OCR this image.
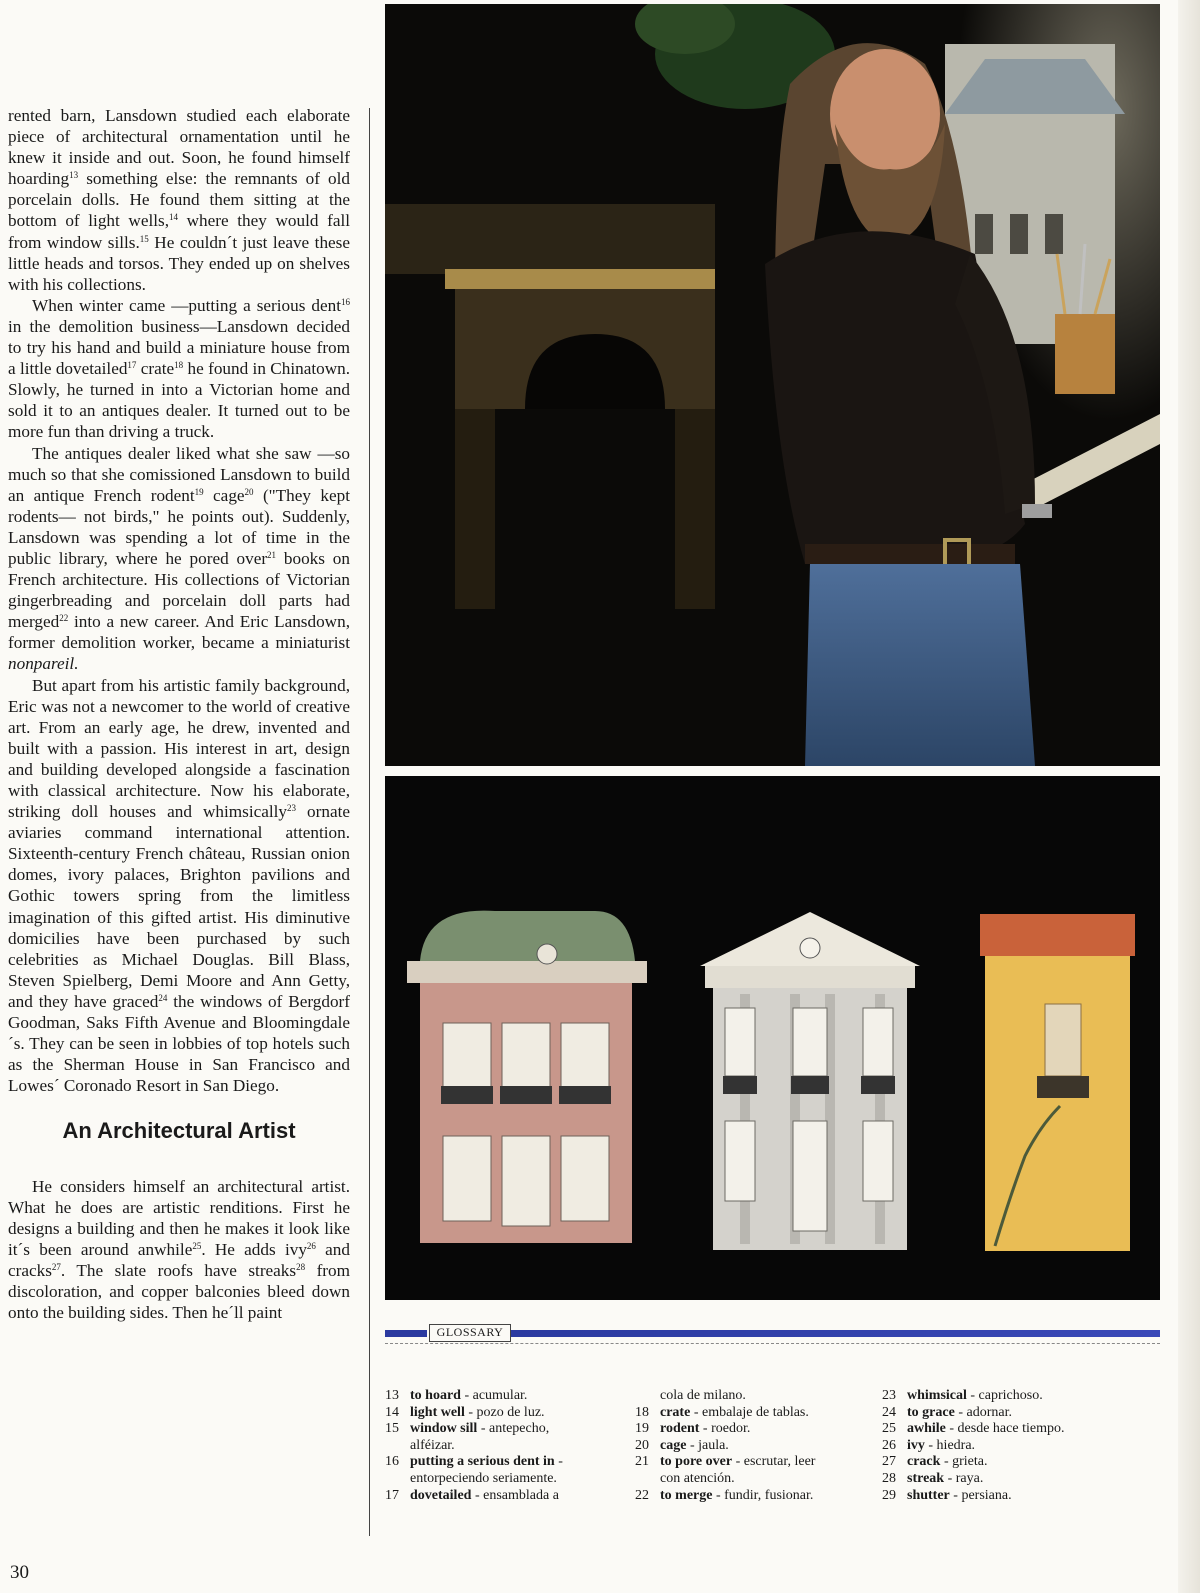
rented barn, Lansdown studied each elaborate piece of architectural ornamentation until he knew it inside and out. Soon, he found himself hoarding$^{13}$ something else: the remnants of old porcelain dolls. He found them sitting at the bottom of light wells,$^{14}$ where they would fall from window sills.$^{15}$ He couldn´t just leave these little heads and torsos. They ended up on shelves with his collections.

When winter came —putting a serious dent$^{16}$ in the demolition business—Lansdown decided to try his hand and build a miniature house from a little dovetailed$^{17}$ crate$^{18}$ he found in Chinatown. Slowly, he turned in into a Victorian home and sold it to an antiques dealer. It turned out to be more fun than driving a truck.

The antiques dealer liked what she saw —so much so that she comissioned Lansdown to build an antique French rodent$^{19}$ cage$^{20}$ ("They kept rodents— not birds," he points out). Suddenly, Lansdown was spending a lot of time in the public library, where he pored over$^{21}$ books on French architecture. His collections of Victorian gingerbreading and porcelain doll parts had merged$^{22}$ into a new career. And Eric Lansdown, former demolition worker, became a miniaturist nonpareil.

But apart from his artistic family background, Eric was not a newcomer to the world of creative art. From an early age, he drew, invented and built with a passion. His interest in art, design and building developed alongside a fascination with classical architecture. Now his elaborate, striking doll houses and whimsically$^{23}$ ornate aviaries command international attention. Sixteenth-century French château, Russian onion domes, ivory palaces, Brighton pavilions and Gothic towers spring from the limitless imagination of this gifted artist. His diminutive domicilies have been purchased by such celebrities as Michael Douglas. Bill Blass, Steven Spielberg, Demi Moore and Ann Getty, and they have graced$^{24}$ the windows of Bergdorf Goodman, Saks Fifth Avenue and Bloomingdale´s. They can be seen in lobbies of top hotels such as the Sherman House in San Francisco and Lowes´ Coronado Resort in San Diego.

An Architectural Artist

He considers himself an architectural artist. What he does are artistic renditions. First he designs a building and then he makes it look like it´s been around anwhile$^{25}$. He adds ivy$^{26}$ and cracks$^{27}$. The slate roofs have streaks$^{28}$ from discoloration, and copper balconies bleed down onto the building sides. Then he´ll paint

30
GLOSSARY
13 to hoard - acumular.
14 light well - pozo de luz.
15 window sill - antepecho,
alféizar.
16 putting a serious dent in -
entorpeciendo seriamente.
17 dovetailed - ensamblada a
cola de milano.
18 crate - embalaje de tablas.
19 rodent - roedor.
20 cage - jaula.
21 to pore over - escrutar, leer
con atención.
22 to merge - fundir, fusionar.
23 whimsical - caprichoso.
24 to grace - adornar.
25 awhile - desde hace tiempo.
26 ivy - hiedra.
27 crack - grieta.
28 streak - raya.
29 shutter - persiana.
